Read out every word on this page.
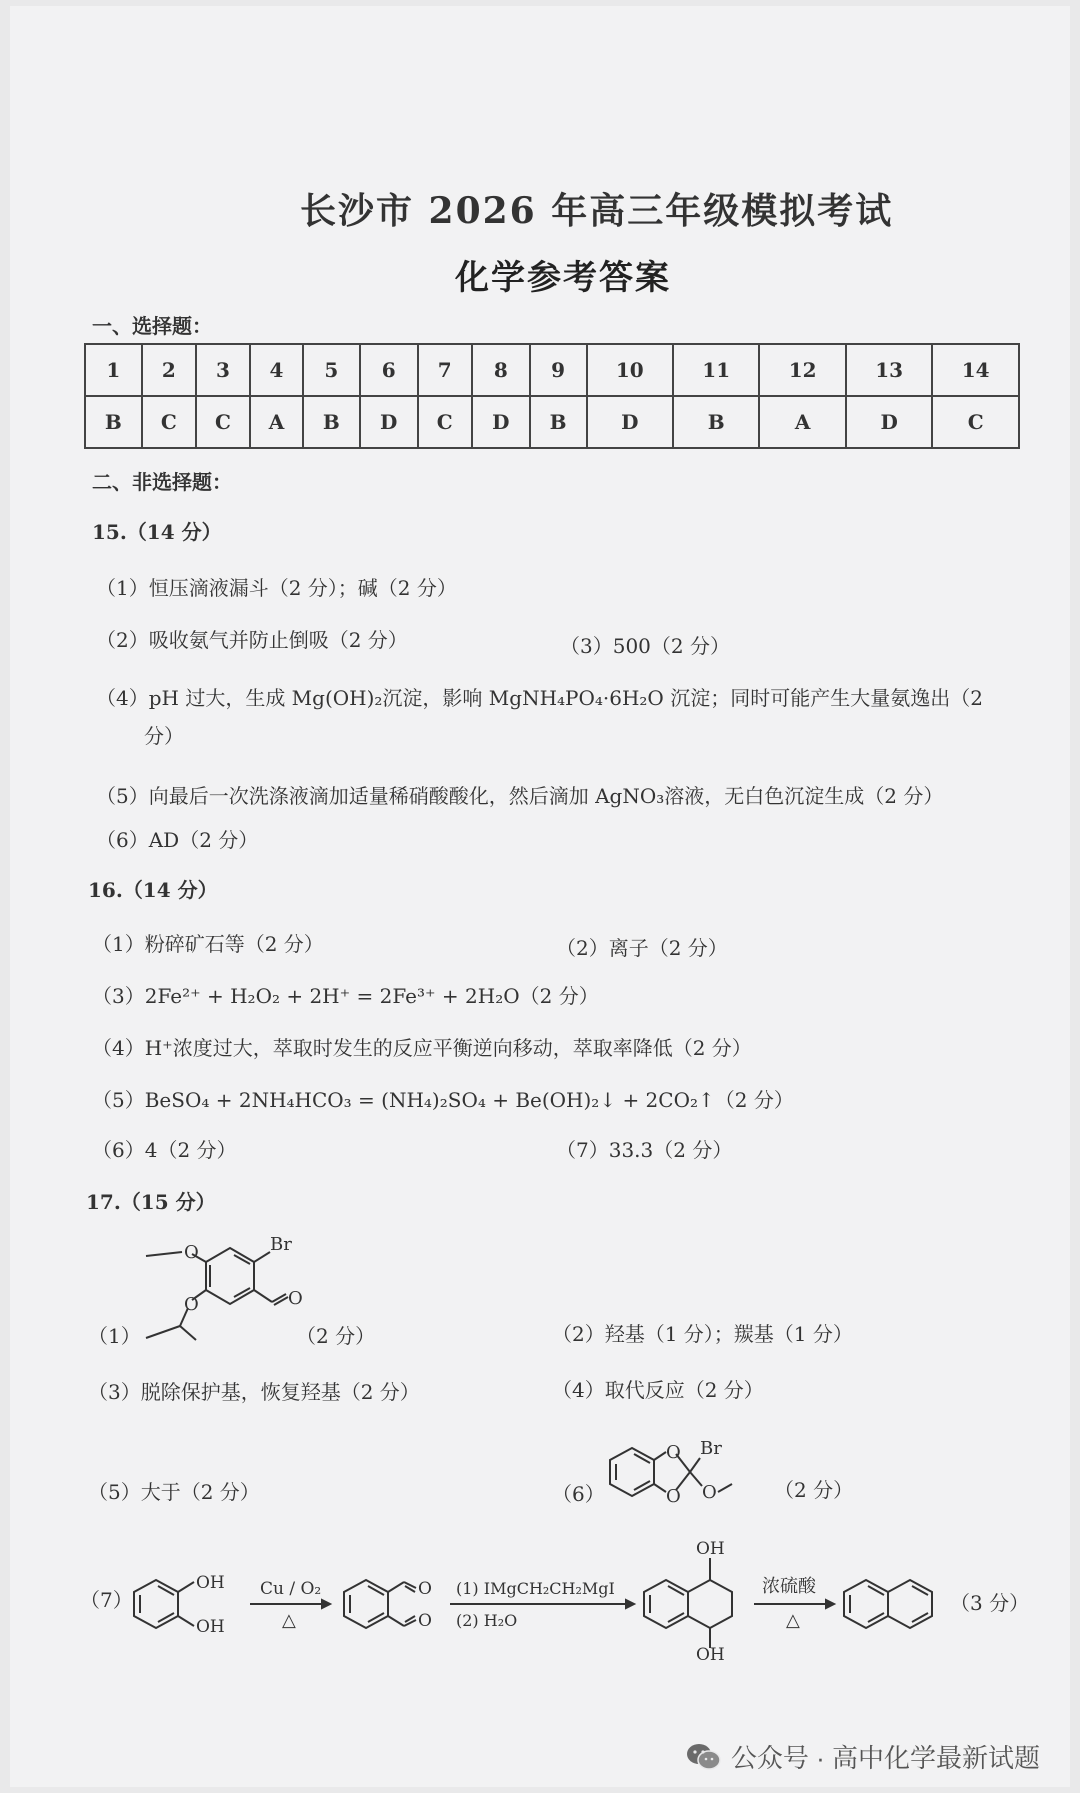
长沙市 2026 年高三年级模拟考试
化学参考答案
一、选择题：
1	2	3	4	5	6	7	8	9	10	11	12	13	14
B	C	C	A	B	D	C	D	B	D	B	A	D	C
二、非选择题：
15.（14 分）
（1）恒压滴液漏斗（2 分）；碱（2 分）
（2）吸收氨气并防止倒吸（2 分）	（3）500（2 分）
（4）pH 过大，生成 Mg(OH)₂沉淀，影响 MgNH₄PO₄·6H₂O 沉淀；同时可能产生大量氨逸出（2
分）
（5）向最后一次洗涤液滴加适量稀硝酸酸化，然后滴加 AgNO₃溶液，无白色沉淀生成（2 分）
（6）AD（2 分）
16.（14 分）
（1）粉碎矿石等（2 分）	（2）离子（2 分）
（3）2Fe²⁺ + H₂O₂ + 2H⁺ = 2Fe³⁺ + 2H₂O（2 分）
（4）H⁺浓度过大，萃取时发生的反应平衡逆向移动，萃取率降低（2 分）
（5）BeSO₄ + 2NH₄HCO₃ = (NH₄)₂SO₄ + Be(OH)₂↓ + 2CO₂↑（2 分）
（6）4（2 分）	（7）33.3（2 分）
17.（15 分）
（1）
Br
O
O	O
（2 分）	（2）羟基（1 分）；羰基（1 分）
（3）脱除保护基，恢复羟基（2 分）	（4）取代反应（2 分）
（5）大于（2 分）	（6）
O
O
Br
O	（2 分）
（7）
OH
OH
Cu / O₂
△
O
O
(1) IMgCH₂CH₂MgI
(2) H₂O
OH
OH
浓硫酸
△
（3 分）
公众号 · 高中化学最新试题
